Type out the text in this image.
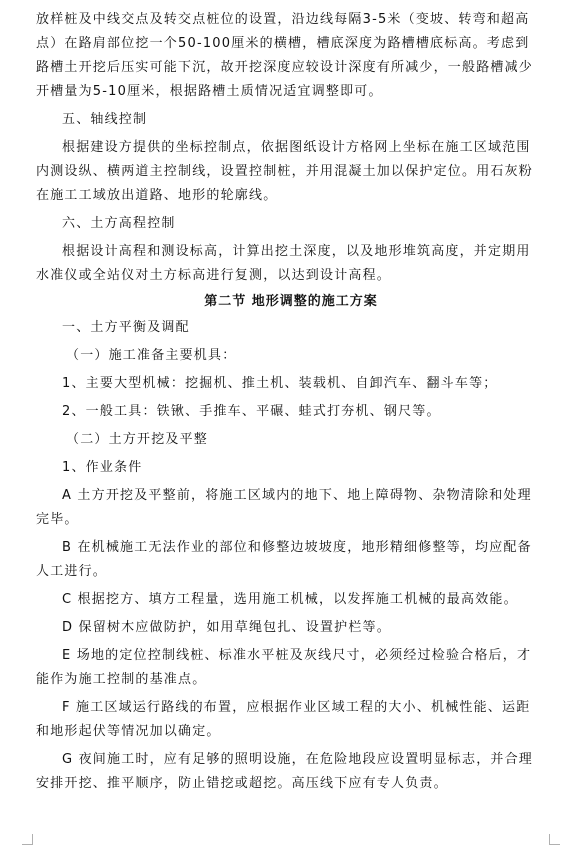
放样桩及中线交点及转交点桩位的设置，沿边线每隔3-5米（变坡、转弯和超高

点）在路肩部位挖一个50-100厘米的横槽，槽底深度为路槽槽底标高。考虑到

路槽土开挖后压实可能下沉，故开挖深度应较设计深度有所减少，一般路槽减少

开槽量为5-10厘米，根据路槽土质情况适宜调整即可。

五、轴线控制

根据建设方提供的坐标控制点，依据图纸设计方格网上坐标在施工区域范围

内测设纵、横两道主控制线，设置控制桩，并用混凝土加以保护定位。用石灰粉

在施工工域放出道路、地形的轮廓线。

六、土方高程控制

根据设计高程和测设标高，计算出挖土深度，以及地形堆筑高度，并定期用

水准仪或全站仪对土方标高进行复测，以达到设计高程。

第二节 地形调整的施工方案

一、土方平衡及调配

（一）施工准备主要机具：

1、主要大型机械：挖掘机、推土机、装载机、自卸汽车、翻斗车等；

2、一般工具：铁锹、手推车、平碾、蛙式打夯机、钢尺等。

（二）土方开挖及平整

1、作业条件

A 土方开挖及平整前，将施工区域内的地下、地上障碍物、杂物清除和处理

完毕。

B 在机械施工无法作业的部位和修整边坡坡度，地形精细修整等，均应配备

人工进行。

C 根据挖方、填方工程量，选用施工机械，以发挥施工机械的最高效能。

D 保留树木应做防护，如用草绳包扎、设置护栏等。

E 场地的定位控制线桩、标准水平桩及灰线尺寸，必须经过检验合格后，才

能作为施工控制的基准点。

F 施工区域运行路线的布置，应根据作业区域工程的大小、机械性能、运距

和地形起伏等情况加以确定。

G 夜间施工时，应有足够的照明设施，在危险地段应设置明显标志，并合理

安排开挖、推平顺序，防止错挖或超挖。高压线下应有专人负责。
